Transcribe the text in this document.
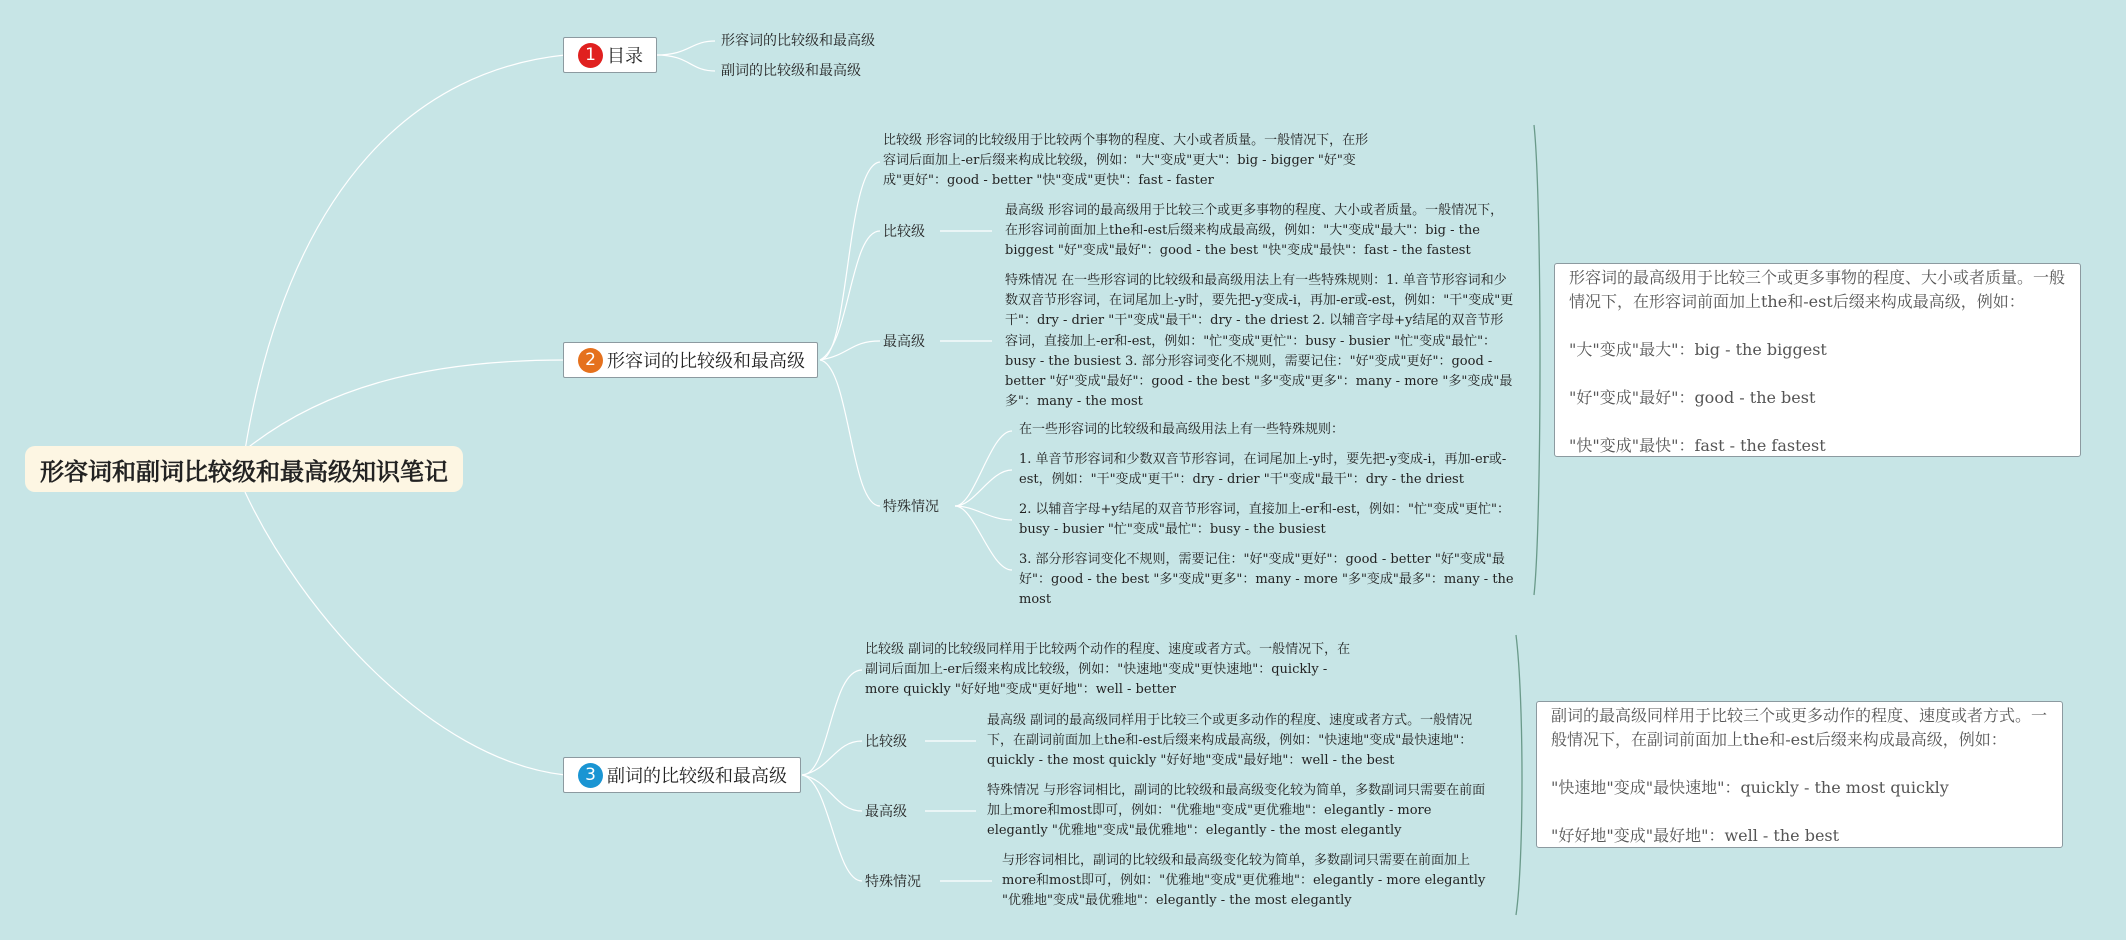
形容词和副词比较级和最高级知识笔记
1 目录
形容词的比较级和最高级
副词的比较级和最高级
2 形容词的比较级和最高级
比较级 形容词的比较级用于比较两个事物的程度、大小或者质量。一般情况下，在形容词后面加上-er后缀来构成比较级，例如："大"变成"更大"：big - bigger "好"变成"更好"：good - better "快"变成"更快"：fast - faster
比较级
最高级 形容词的最高级用于比较三个或更多事物的程度、大小或者质量。一般情况下，在形容词前面加上the和-est后缀来构成最高级，例如："大"变成"最大"：big - the biggest "好"变成"最好"：good - the best "快"变成"最快"：fast - the fastest
最高级
特殊情况 在一些形容词的比较级和最高级用法上有一些特殊规则：1. 单音节形容词和少数双音节形容词，在词尾加上-y时，要先把-y变成-i，再加-er或-est，例如："干"变成"更干"：dry - drier "干"变成"最干"：dry - the driest 2. 以辅音字母+y结尾的双音节形容词，直接加上-er和-est，例如："忙"变成"更忙"：busy - busier "忙"变成"最忙"：busy - the busiest 3. 部分形容词变化不规则，需要记住："好"变成"更好"：good - better "好"变成"最好"：good - the best "多"变成"更多"：many - more "多"变成"最多"：many - the most
特殊情况
在一些形容词的比较级和最高级用法上有一些特殊规则：
1. 单音节形容词和少数双音节形容词，在词尾加上-y时，要先把-y变成-i，再加-er或-est，例如："干"变成"更干"：dry - drier "干"变成"最干"：dry - the driest
2. 以辅音字母+y结尾的双音节形容词，直接加上-er和-est，例如："忙"变成"更忙"：busy - busier "忙"变成"最忙"：busy - the busiest
3. 部分形容词变化不规则，需要记住："好"变成"更好"：good - better "好"变成"最好"：good - the best "多"变成"更多"：many - more "多"变成"最多"：many - the most

形容词的最高级用于比较三个或更多事物的程度、大小或者质量。一般情况下，在形容词前面加上the和-est后缀来构成最高级，例如：

"大"变成"最大"：big - the biggest

"好"变成"最好"：good - the best

"快"变成"最快"：fast - the fastest

3 副词的比较级和最高级
比较级 副词的比较级同样用于比较两个动作的程度、速度或者方式。一般情况下，在副词后面加上-er后缀来构成比较级，例如："快速地"变成"更快速地"：quickly - more quickly "好好地"变成"更好地"：well - better
比较级
最高级 副词的最高级同样用于比较三个或更多动作的程度、速度或者方式。一般情况下，在副词前面加上the和-est后缀来构成最高级，例如："快速地"变成"最快速地"：quickly - the most quickly "好好地"变成"最好地"：well - the best
最高级
特殊情况 与形容词相比，副词的比较级和最高级变化较为简单，多数副词只需要在前面加上more和most即可，例如："优雅地"变成"更优雅地"：elegantly - more elegantly "优雅地"变成"最优雅地"：elegantly - the most elegantly
特殊情况
与形容词相比，副词的比较级和最高级变化较为简单，多数副词只需要在前面加上more和most即可，例如："优雅地"变成"更优雅地"：elegantly - more elegantly "优雅地"变成"最优雅地"：elegantly - the most elegantly

副词的最高级同样用于比较三个或更多动作的程度、速度或者方式。一般情况下，在副词前面加上the和-est后缀来构成最高级，例如：

"快速地"变成"最快速地"：quickly - the most quickly

"好好地"变成"最好地"：well - the best
